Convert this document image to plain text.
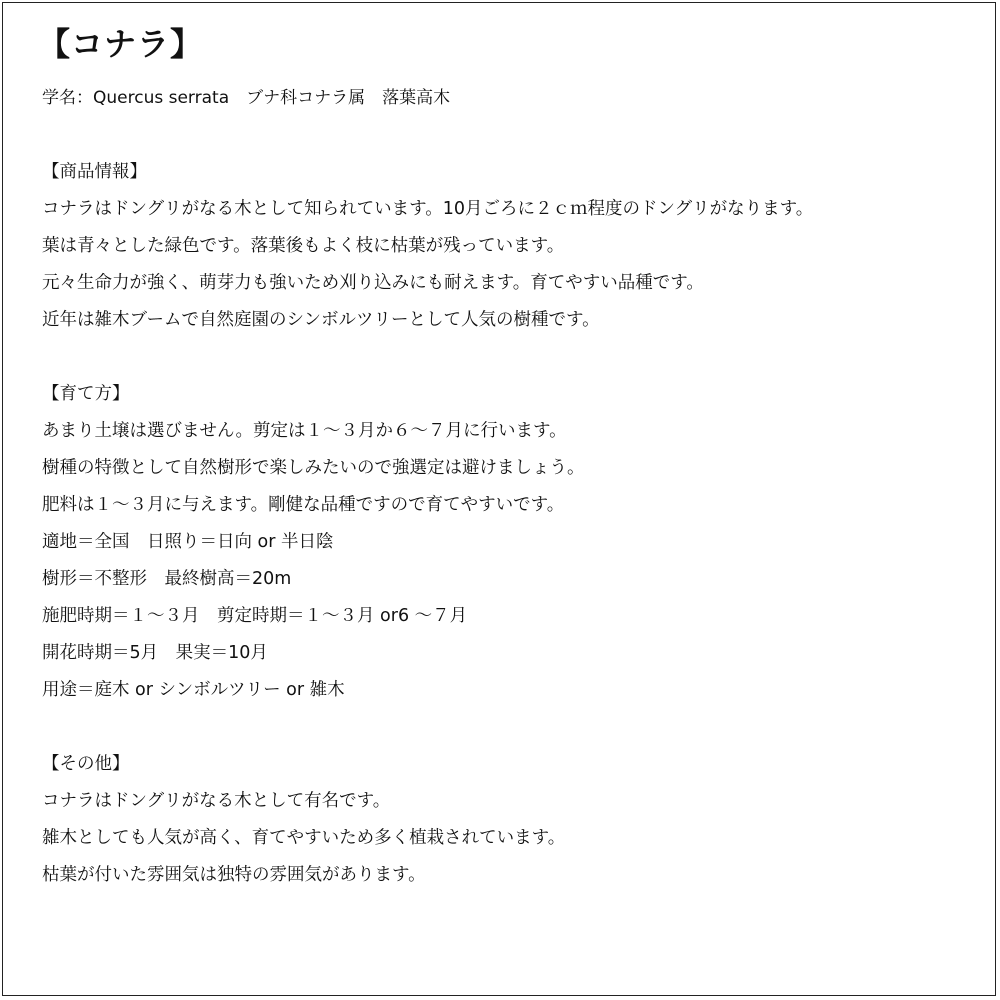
【コナラ】
学名：Quercus serrata　ブナ科コナラ属　落葉高木
【商品情報】
コナラはドングリがなる木として知られています。10月ごろに２ｃｍ程度のドングリがなります。
葉は青々とした緑色です。落葉後もよく枝に枯葉が残っています。
元々生命力が強く、萌芽力も強いため刈り込みにも耐えます。育てやすい品種です。
近年は雑木ブームで自然庭園のシンボルツリーとして人気の樹種です。
【育て方】
あまり土壌は選びません。剪定は１～３月か６～７月に行います。
樹種の特徴として自然樹形で楽しみたいので強選定は避けましょう。
肥料は１～３月に与えます。剛健な品種ですので育てやすいです。
適地＝全国　日照り＝日向 or 半日陰
樹形＝不整形　最終樹高＝20m
施肥時期＝１～３月　剪定時期＝１～３月 or6 ～７月
開花時期＝5月　果実＝10月
用途＝庭木 or シンボルツリー or 雑木
【その他】
コナラはドングリがなる木として有名です。
雑木としても人気が高く、育てやすいため多く植栽されています。
枯葉が付いた雰囲気は独特の雰囲気があります。
